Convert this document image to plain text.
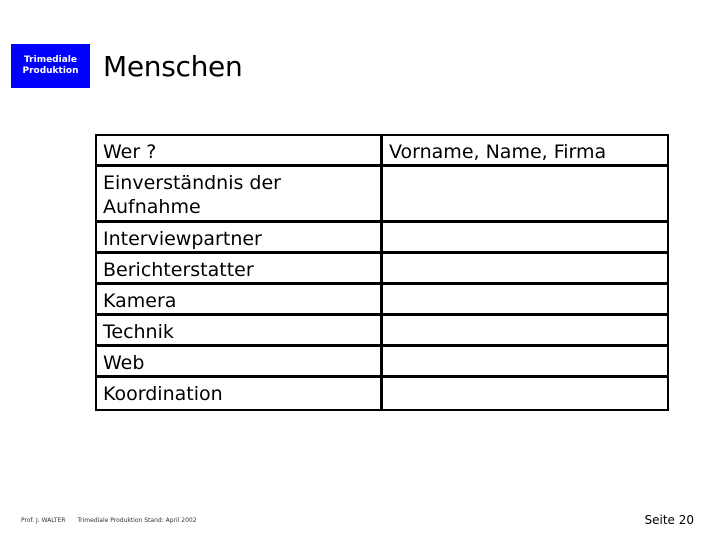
Trimediale
Produktion Menschen
Wer ?	Vorname, Name, Firma
Einverständnis der Aufnahme	
Interviewpartner	
Berichterstatter	
Kamera	
Technik	
Web	
Koordination	
Prof. J. WALTER Trimediale Produktion Stand: April 2002	Seite 20
